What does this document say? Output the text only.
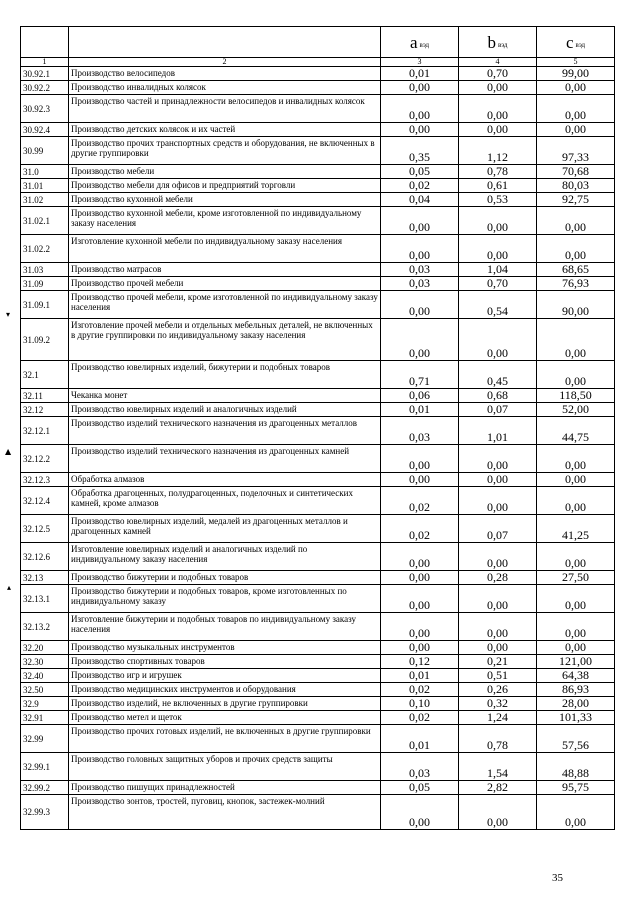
		a вэд	b вэд	c вэд
1	2	3	4	5
30.92.1	Производство велосипедов	0,01	0,70	99,00
30.92.2	Производство инвалидных колясок	0,00	0,00	0,00
30.92.3	Производство частей и принадлежности велосипедов и инвалидных колясок	0,00	0,00	0,00
30.92.4	Производство детских колясок и их частей	0,00	0,00	0,00
30.99	Производство прочих транспортных средств и оборудования, не включенных в другие группировки	0,35	1,12	97,33
31.0	Производство мебели	0,05	0,78	70,68
31.01	Производство мебели для офисов и предприятий торговли	0,02	0,61	80,03
31.02	Производство кухонной мебели	0,04	0,53	92,75
31.02.1	Производство кухонной мебели, кроме изготовленной по индивидуальному заказу населения	0,00	0,00	0,00
31.02.2	Изготовление кухонной мебели по индивидуальному заказу населения	0,00	0,00	0,00
31.03	Производство матрасов	0,03	1,04	68,65
31.09	Производство прочей мебели	0,03	0,70	76,93
31.09.1	Производство прочей мебели, кроме изготовленной по индивидуальному заказу населения	0,00	0,54	90,00
31.09.2	Изготовление прочей мебели и отдельных мебельных деталей, не включенных в другие группировки по индивидуальному заказу населения	0,00	0,00	0,00
32.1	Производство ювелирных изделий, бижутерии и подобных товаров	0,71	0,45	0,00
32.11	Чеканка монет	0,06	0,68	118,50
32.12	Производство ювелирных изделий и аналогичных изделий	0,01	0,07	52,00
32.12.1	Производство изделий технического назначения из драгоценных металлов	0,03	1,01	44,75
32.12.2	Производство изделий технического назначения из драгоценных камней	0,00	0,00	0,00
32.12.3	Обработка алмазов	0,00	0,00	0,00
32.12.4	Обработка драгоценных, полудрагоценных, поделочных и синтетических камней, кроме алмазов	0,02	0,00	0,00
32.12.5	Производство ювелирных изделий, медалей из драгоценных металлов и драгоценных камней	0,02	0,07	41,25
32.12.6	Изготовление ювелирных изделий и аналогичных изделий по индивидуальному заказу населения	0,00	0,00	0,00
32.13	Производство бижутерии и подобных товаров	0,00	0,28	27,50
32.13.1	Производство бижутерии и подобных товаров, кроме изготовленных по индивидуальному заказу	0,00	0,00	0,00
32.13.2	Изготовление бижутерии и подобных товаров по индивидуальному заказу населения	0,00	0,00	0,00
32.20	Производство музыкальных инструментов	0,00	0,00	0,00
32.30	Производство спортивных товаров	0,12	0,21	121,00
32.40	Производство игр и игрушек	0,01	0,51	64,38
32.50	Производство медицинских инструментов и оборудования	0,02	0,26	86,93
32.9	Производство изделий, не включенных в другие группировки	0,10	0,32	28,00
32.91	Производство метел и щеток	0,02	1,24	101,33
32.99	Производство прочих готовых изделий, не включенных в другие группировки	0,01	0,78	57,56
32.99.1	Производство головных защитных уборов и прочих средств защиты	0,03	1,54	48,88
32.99.2	Производство пишущих принадлежностей	0,05	2,82	95,75
32.99.3	Производство зонтов, тростей, пуговиц, кнопок, застежек-молний	0,00	0,00	0,00
▾
▲
▴
35
